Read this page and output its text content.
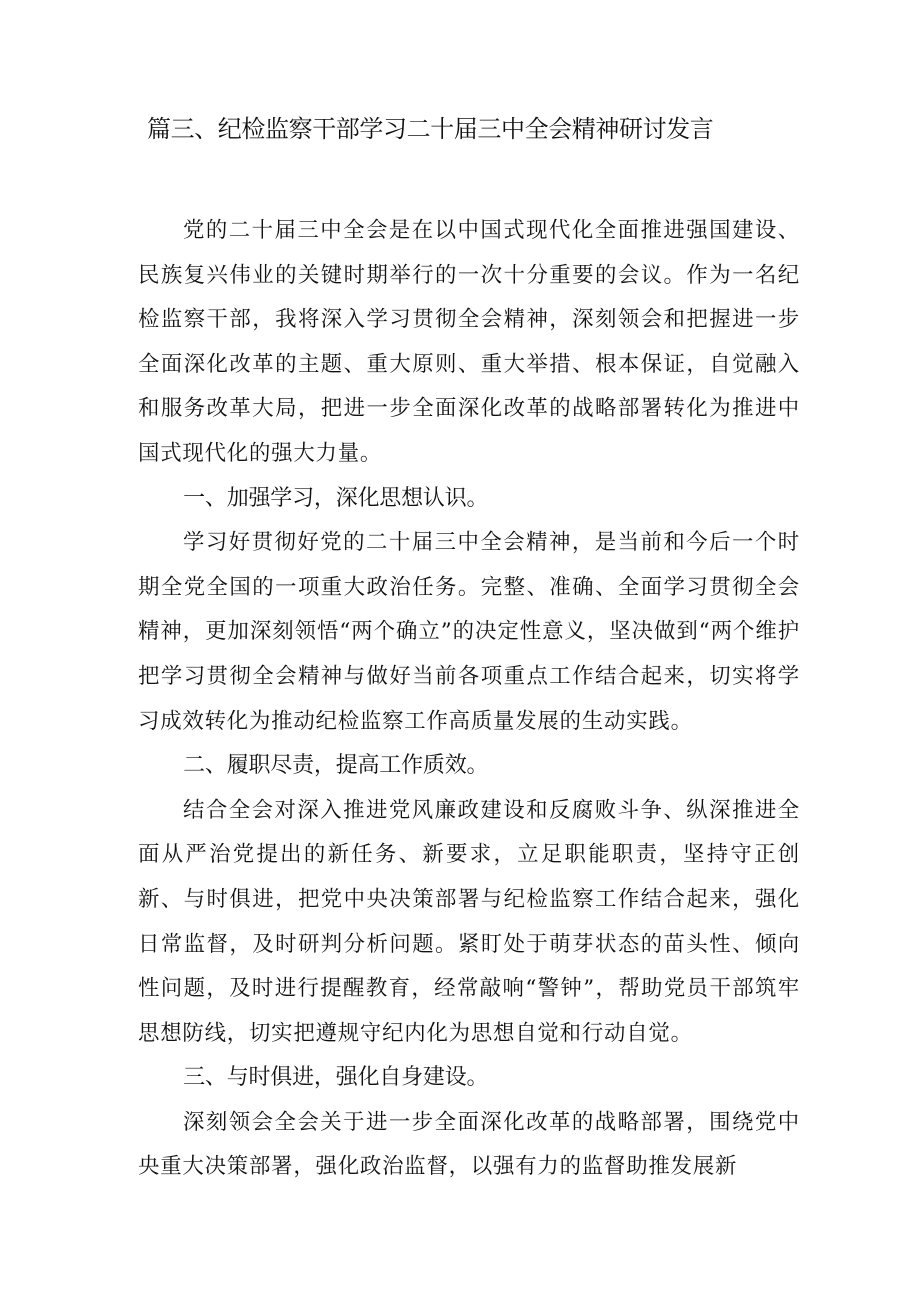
篇三、纪检监察干部学习二十届三中全会精神研讨发言

党的二十届三中全会是在以中国式现代化全面推进强国建设、民族复兴伟业的关键时期举行的一次十分重要的会议。作为一名纪检监察干部，我将深入学习贯彻全会精神，深刻领会和把握进一步全面深化改革的主题、重大原则、重大举措、根本保证，自觉融入和服务改革大局，把进一步全面深化改革的战略部署转化为推进中国式现代化的强大力量。

一、加强学习，深化思想认识。

学习好贯彻好党的二十届三中全会精神，是当前和今后一个时期全党全国的一项重大政治任务。完整、准确、全面学习贯彻全会精神，更加深刻领悟“两个确立”的决定性意义，坚决做到“两个维护把学习贯彻全会精神与做好当前各项重点工作结合起来，切实将学习成效转化为推动纪检监察工作高质量发展的生动实践。

二、履职尽责，提高工作质效。

结合全会对深入推进党风廉政建设和反腐败斗争、纵深推进全面从严治党提出的新任务、新要求，立足职能职责，坚持守正创新、与时俱进，把党中央决策部署与纪检监察工作结合起来，强化日常监督，及时研判分析问题。紧盯处于萌芽状态的苗头性、倾向性问题，及时进行提醒教育，经常敲响“警钟”，帮助党员干部筑牢思想防线，切实把遵规守纪内化为思想自觉和行动自觉。

三、与时俱进，强化自身建设。

深刻领会全会关于进一步全面深化改革的战略部署，围绕党中央重大决策部署，强化政治监督，以强有力的监督助推发展新
